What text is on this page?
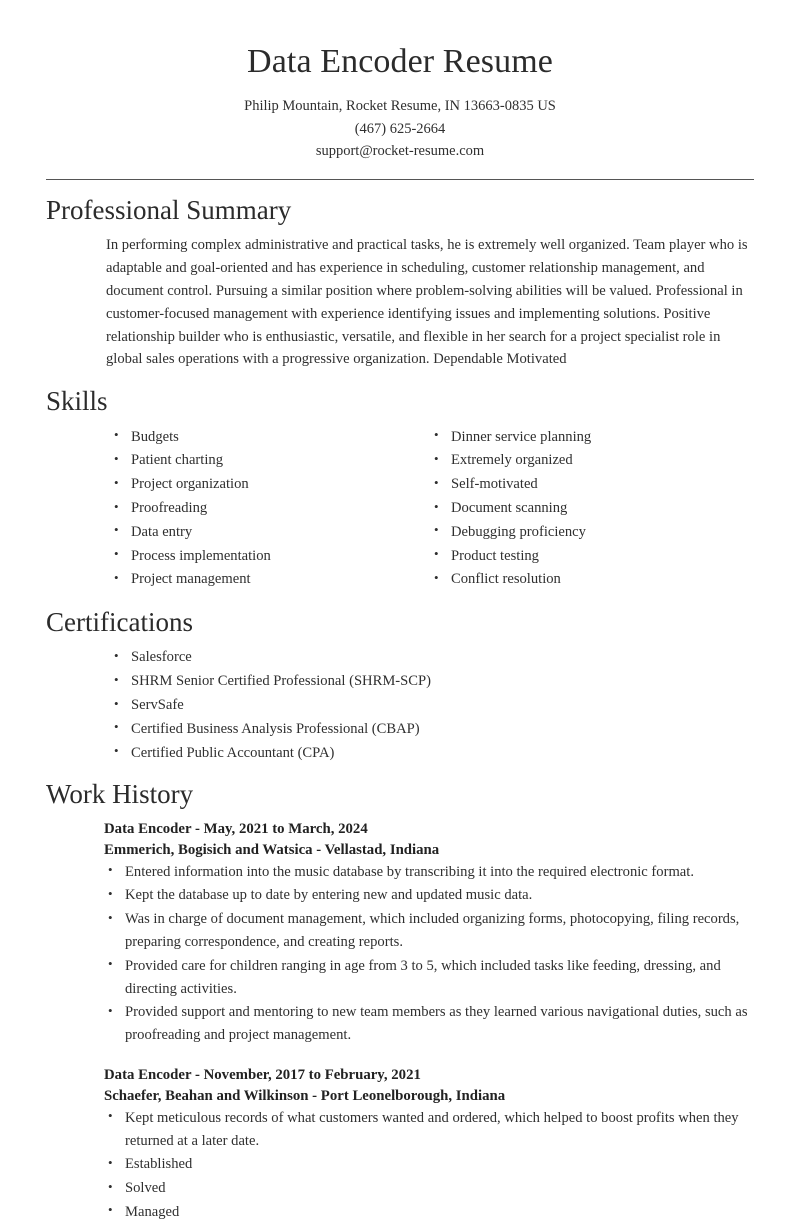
Data Encoder Resume
Philip Mountain, Rocket Resume, IN 13663-0835 US
(467) 625-2664
support@rocket-resume.com
Professional Summary

In performing complex administrative and practical tasks, he is extremely well organized. Team player who is adaptable and goal-oriented and has experience in scheduling, customer relationship management, and document control. Pursuing a similar position where problem-solving abilities will be valued. Professional in customer-focused management with experience identifying issues and implementing solutions. Positive relationship builder who is enthusiastic, versatile, and flexible in her search for a project specialist role in global sales operations with a progressive organization. Dependable Motivated

Skills
• Budgets
• Patient charting
• Project organization
• Proofreading
• Data entry
• Process implementation
• Project management
• Dinner service planning
• Extremely organized
• Self-motivated
• Document scanning
• Debugging proficiency
• Product testing
• Conflict resolution
Certifications
• Salesforce
• SHRM Senior Certified Professional (SHRM-SCP)
• ServSafe
• Certified Business Analysis Professional (CBAP)
• Certified Public Accountant (CPA)
Work History
Data Encoder - May, 2021 to March, 2024
Emmerich, Bogisich and Watsica - Vellastad, Indiana
• Entered information into the music database by transcribing it into the required electronic format.
• Kept the database up to date by entering new and updated music data.
• Was in charge of document management, which included organizing forms, photocopying, filing records, preparing correspondence, and creating reports.
• Provided care for children ranging in age from 3 to 5, which included tasks like feeding, dressing, and directing activities.
• Provided support and mentoring to new team members as they learned various navigational duties, such as proofreading and project management.
Data Encoder - November, 2017 to February, 2021
Schaefer, Beahan and Wilkinson - Port Leonelborough, Indiana
• Kept meticulous records of what customers wanted and ordered, which helped to boost profits when they returned at a later date.
• Established
• Solved
• Managed
